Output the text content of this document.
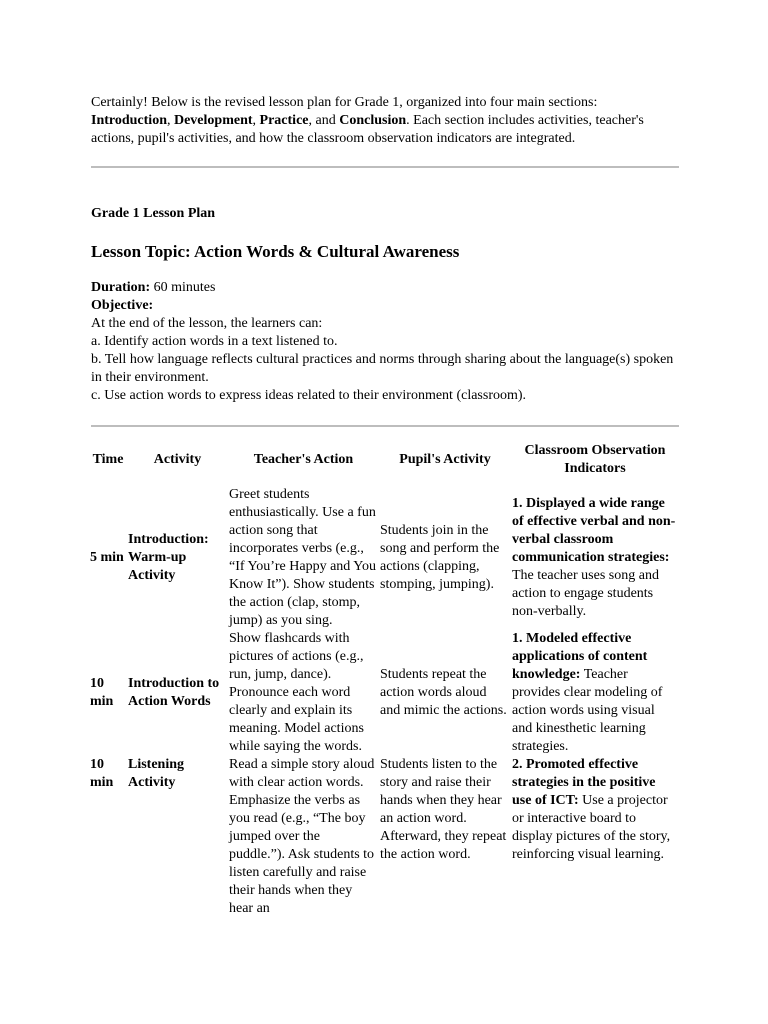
Certainly! Below is the revised lesson plan for Grade 1, organized into four main sections: Introduction, Development, Practice, and Conclusion. Each section includes activities, teacher's actions, pupil's activities, and how the classroom observation indicators are integrated.

Grade 1 Lesson Plan

Lesson Topic: Action Words & Cultural Awareness

Duration: 60 minutes

Objective:

At the end of the lesson, the learners can:

a. Identify action words in a text listened to.

b. Tell how language reflects cultural practices and norms through sharing about the language(s) spoken in their environment.

c. Use action words to express ideas related to their environment (classroom).

Time	Activity	Teacher's Action	Pupil's Activity	Classroom Observation Indicators
5 min	Introduction: Warm-up Activity	Greet students enthusiastically. Use a fun action song that incorporates verbs (e.g., “If You’re Happy and You Know It”). Show students the action (clap, stomp, jump) as you sing.	Students join in the song and perform the actions (clapping, stomping, jumping).	1. Displayed a wide range of effective verbal and non-verbal classroom communication strategies: The teacher uses song and action to engage students non-verbally.
10 min	Introduction to Action Words	Show flashcards with pictures of actions (e.g., run, jump, dance). Pronounce each word clearly and explain its meaning. Model actions while saying the words.	Students repeat the action words aloud and mimic the actions.	1. Modeled effective applications of content knowledge: Teacher provides clear modeling of action words using visual and kinesthetic learning strategies.
10 min	Listening Activity	Read a simple story aloud with clear action words. Emphasize the verbs as you read (e.g., “The boy jumped over the puddle.”). Ask students to listen carefully and raise their hands when they hear an	Students listen to the story and raise their hands when they hear an action word. Afterward, they repeat the action word.	2. Promoted effective strategies in the positive use of ICT: Use a projector or interactive board to display pictures of the story, reinforcing visual learning.
